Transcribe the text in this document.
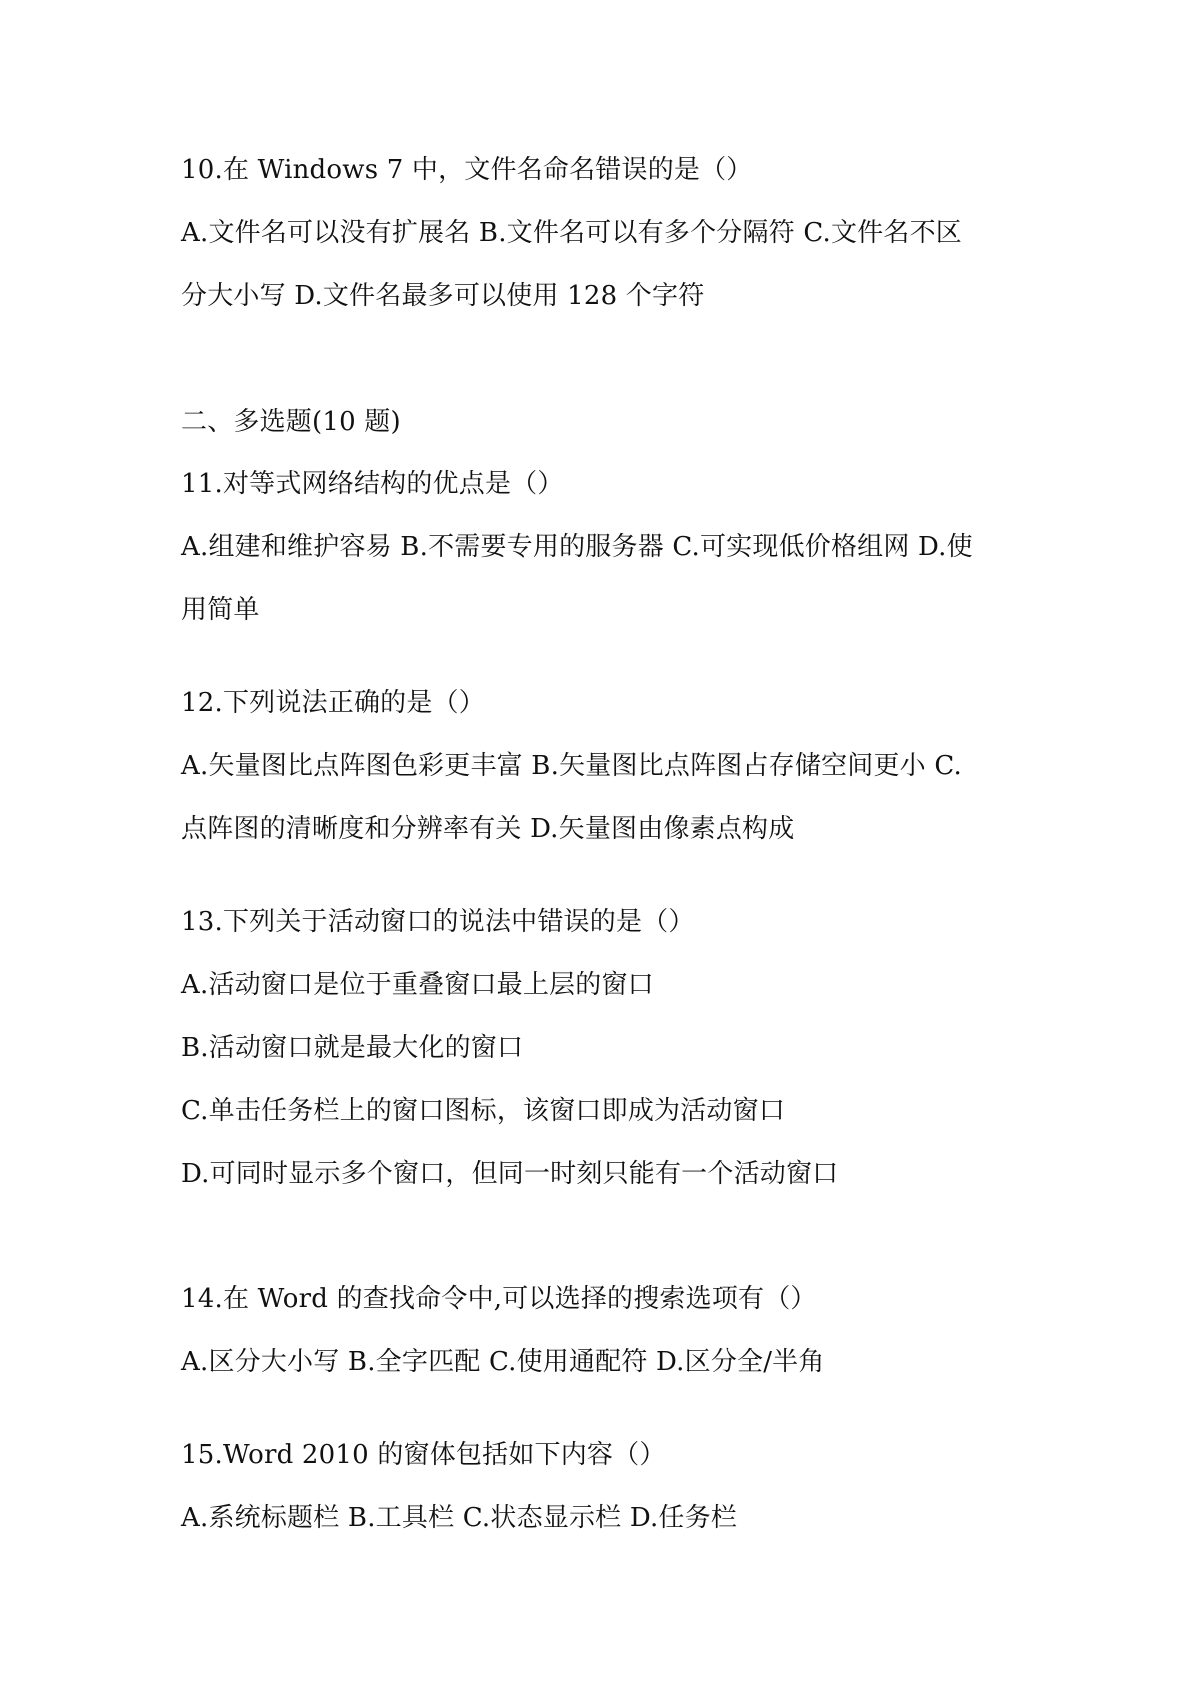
10.在 Windows 7 中，文件名命名错误的是（）
A.文件名可以没有扩展名 B.文件名可以有多个分隔符 C.文件名不区
分大小写 D.文件名最多可以使用 128 个字符
二、多选题(10 题)
11.对等式网络结构的优点是（）
A.组建和维护容易 B.不需要专用的服务器 C.可实现低价格组网 D.使
用简单
12.下列说法正确的是（）
A.矢量图比点阵图色彩更丰富 B.矢量图比点阵图占存储空间更小 C.
点阵图的清晰度和分辨率有关 D.矢量图由像素点构成
13.下列关于活动窗口的说法中错误的是（）
A.活动窗口是位于重叠窗口最上层的窗口
B.活动窗口就是最大化的窗口
C.单击任务栏上的窗口图标，该窗口即成为活动窗口
D.可同时显示多个窗口，但同一时刻只能有一个活动窗口
14.在 Word 的查找命令中,可以选择的搜索选项有（）
A.区分大小写 B.全字匹配 C.使用通配符 D.区分全/半角
15.Word 2010 的窗体包括如下内容（）
A.系统标题栏 B.工具栏 C.状态显示栏 D.任务栏
